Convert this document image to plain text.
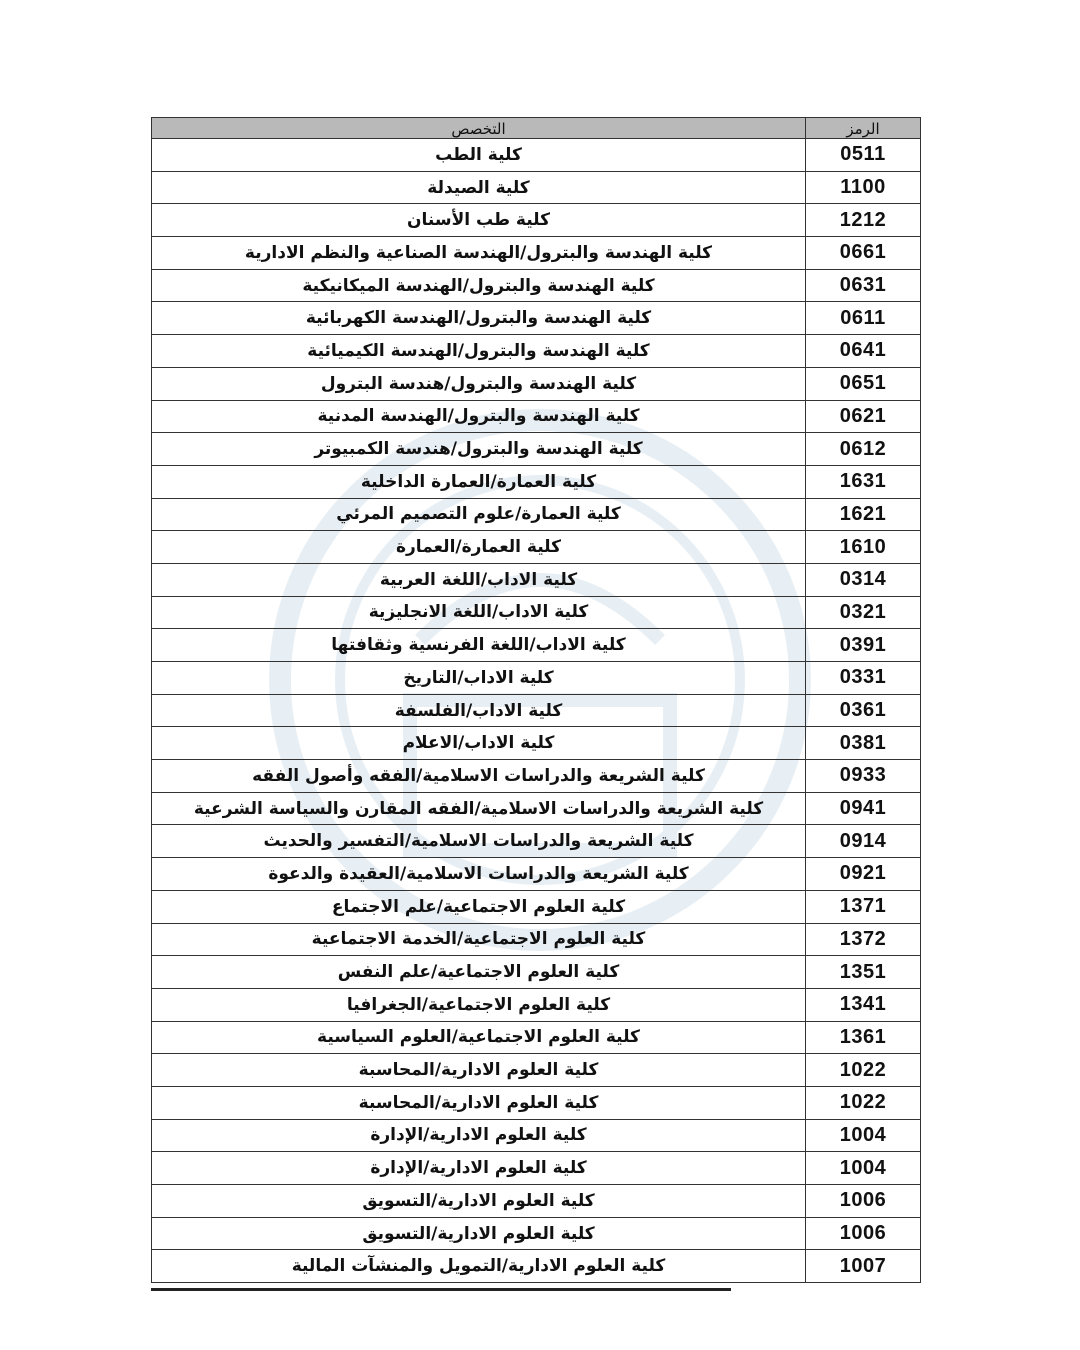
الرمز	التخصص
0511	كلية الطب
1100	كلية الصيدلة
1212	كلية طب الأسنان
0661	كلية الهندسة والبترول/الهندسة الصناعية والنظم الادارية
0631	كلية الهندسة والبترول/الهندسة الميكانيكية
0611	كلية الهندسة والبترول/الهندسة الكهربائية
0641	كلية الهندسة والبترول/الهندسة الكيميائية
0651	كلية الهندسة والبترول/هندسة البترول
0621	كلية الهندسة والبترول/الهندسة المدنية
0612	كلية الهندسة والبترول/هندسة الكمبيوتر
1631	كلية العمارة/العمارة الداخلية
1621	كلية العمارة/علوم التصميم المرئي
1610	كلية العمارة/العمارة
0314	كلية الاداب/اللغة العربية
0321	كلية الاداب/اللغة الانجليزية
0391	كلية الاداب/اللغة الفرنسية وثقافتها
0331	كلية الاداب/التاريخ
0361	كلية الاداب/الفلسفة
0381	كلية الاداب/الاعلام
0933	كلية الشريعة والدراسات الاسلامية/الفقه وأصول الفقه
0941	كلية الشريعة والدراسات الاسلامية/الفقه المقارن والسياسة الشرعية
0914	كلية الشريعة والدراسات الاسلامية/التفسير والحديث
0921	كلية الشريعة والدراسات الاسلامية/العقيدة والدعوة
1371	كلية العلوم الاجتماعية/علم الاجتماع
1372	كلية العلوم الاجتماعية/الخدمة الاجتماعية
1351	كلية العلوم الاجتماعية/علم النفس
1341	كلية العلوم الاجتماعية/الجغرافيا
1361	كلية العلوم الاجتماعية/العلوم السياسية
1022	كلية العلوم الادارية/المحاسبة
1022	كلية العلوم الادارية/المحاسبة
1004	كلية العلوم الادارية/الإدارة
1004	كلية العلوم الادارية/الإدارة
1006	كلية العلوم الادارية/التسويق
1006	كلية العلوم الادارية/التسويق
1007	كلية العلوم الادارية/التمويل والمنشآت المالية
